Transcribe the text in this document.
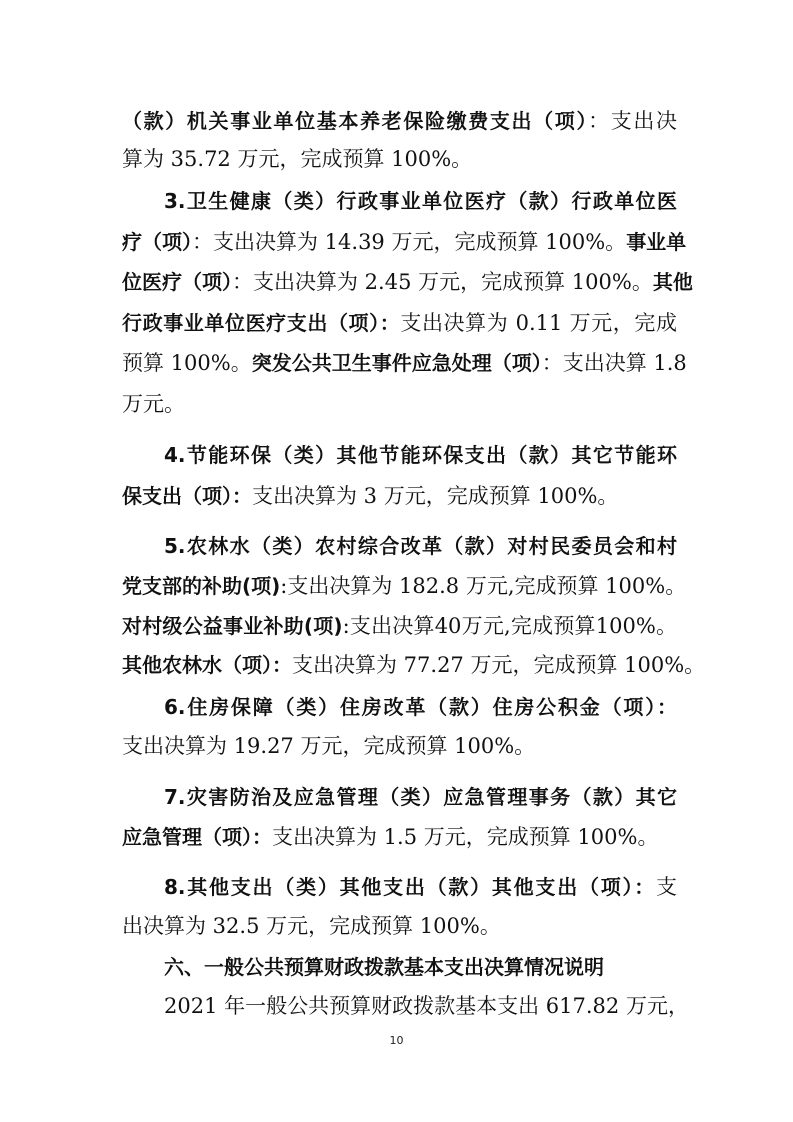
（款）机关事业单位基本养老保险缴费支出（项）：支出决
算为 35.72 万元，完成预算 100%。
3.卫生健康（类）行政事业单位医疗（款）行政单位医
疗（项）：支出决算为 14.39 万元，完成预算 100%。事业单
位医疗（项）：支出决算为 2.45 万元，完成预算 100%。其他
行政事业单位医疗支出（项）：支出决算为 0.11 万元，完成
预算 100%。突发公共卫生事件应急处理（项）：支出决算 1.8
万元。
4.节能环保（类）其他节能环保支出（款）其它节能环
保支出（项）：支出决算为 3 万元，完成预算 100%。
5.农林水（类）农村综合改革（款）对村民委员会和村
党支部的补助(项):支出决算为 182.8 万元,完成预算 100%。
对村级公益事业补助(项):支出决算40万元,完成预算100%。
其他农林水（项）：支出决算为 77.27 万元，完成预算 100%。
6.住房保障（类）住房改革（款）住房公积金（项）：
支出决算为 19.27 万元，完成预算 100%。
7.灾害防治及应急管理（类）应急管理事务（款）其它
应急管理（项）：支出决算为 1.5 万元，完成预算 100%。
8.其他支出（类）其他支出（款）其他支出（项）：支
出决算为 32.5 万元，完成预算 100%。
六、一般公共预算财政拨款基本支出决算情况说明
2021 年一般公共预算财政拨款基本支出 617.82 万元，
10
